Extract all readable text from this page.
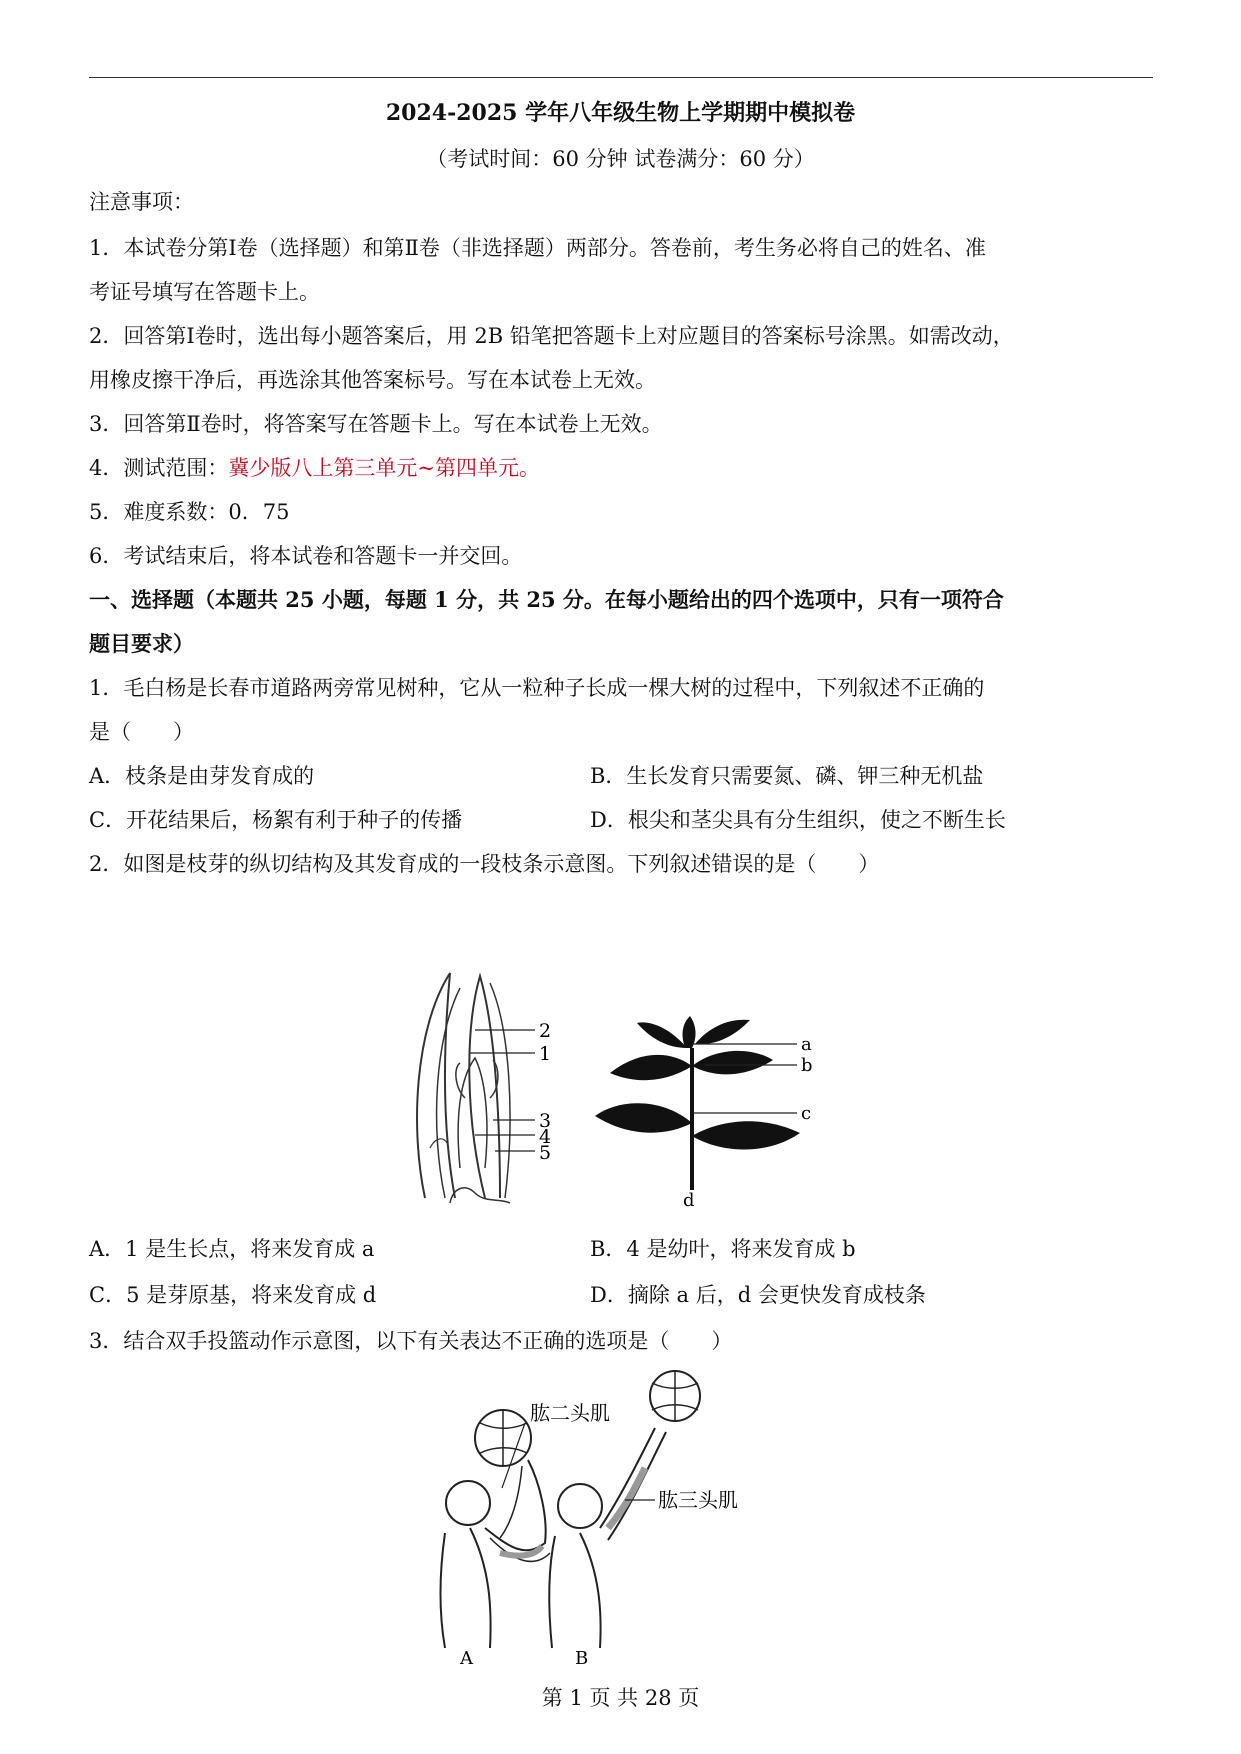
2024-2025 学年八年级生物上学期期中模拟卷
（考试时间：60 分钟 试卷满分：60 分）
注意事项：
1．本试卷分第Ⅰ卷（选择题）和第Ⅱ卷（非选择题）两部分。答卷前，考生务必将自己的姓名、准
考证号填写在答题卡上。
2．回答第Ⅰ卷时，选出每小题答案后，用 2B 铅笔把答题卡上对应题目的答案标号涂黑。如需改动，
用橡皮擦干净后，再选涂其他答案标号。写在本试卷上无效。
3．回答第Ⅱ卷时，将答案写在答题卡上。写在本试卷上无效。
4．测试范围：冀少版八上第三单元~第四单元。
5．难度系数：0．75
6．考试结束后，将本试卷和答题卡一并交回。
一、选择题（本题共 25 小题，每题 1 分，共 25 分。在每小题给出的四个选项中，只有一项符合
题目要求）
1．毛白杨是长春市道路两旁常见树种，它从一粒种子长成一棵大树的过程中，下列叙述不正确的
是（　　）
A．枝条是由芽发育成的	B．生长发育只需要氮、磷、钾三种无机盐
C．开花结果后，杨絮有利于种子的传播	D．根尖和茎尖具有分生组织，使之不断生长
2．如图是枝芽的纵切结构及其发育成的一段枝条示意图。下列叙述错误的是（　　）
2
1
3
4
5
a
b
c
d
A．1 是生长点，将来发育成 a	B．4 是幼叶，将来发育成 b
C．5 是芽原基，将来发育成 d	D．摘除 a 后，d 会更快发育成枝条
3．结合双手投篮动作示意图，以下有关表达不正确的选项是（　　）
肱二头肌
肱三头肌
A	B
第 1 页 共 28 页
